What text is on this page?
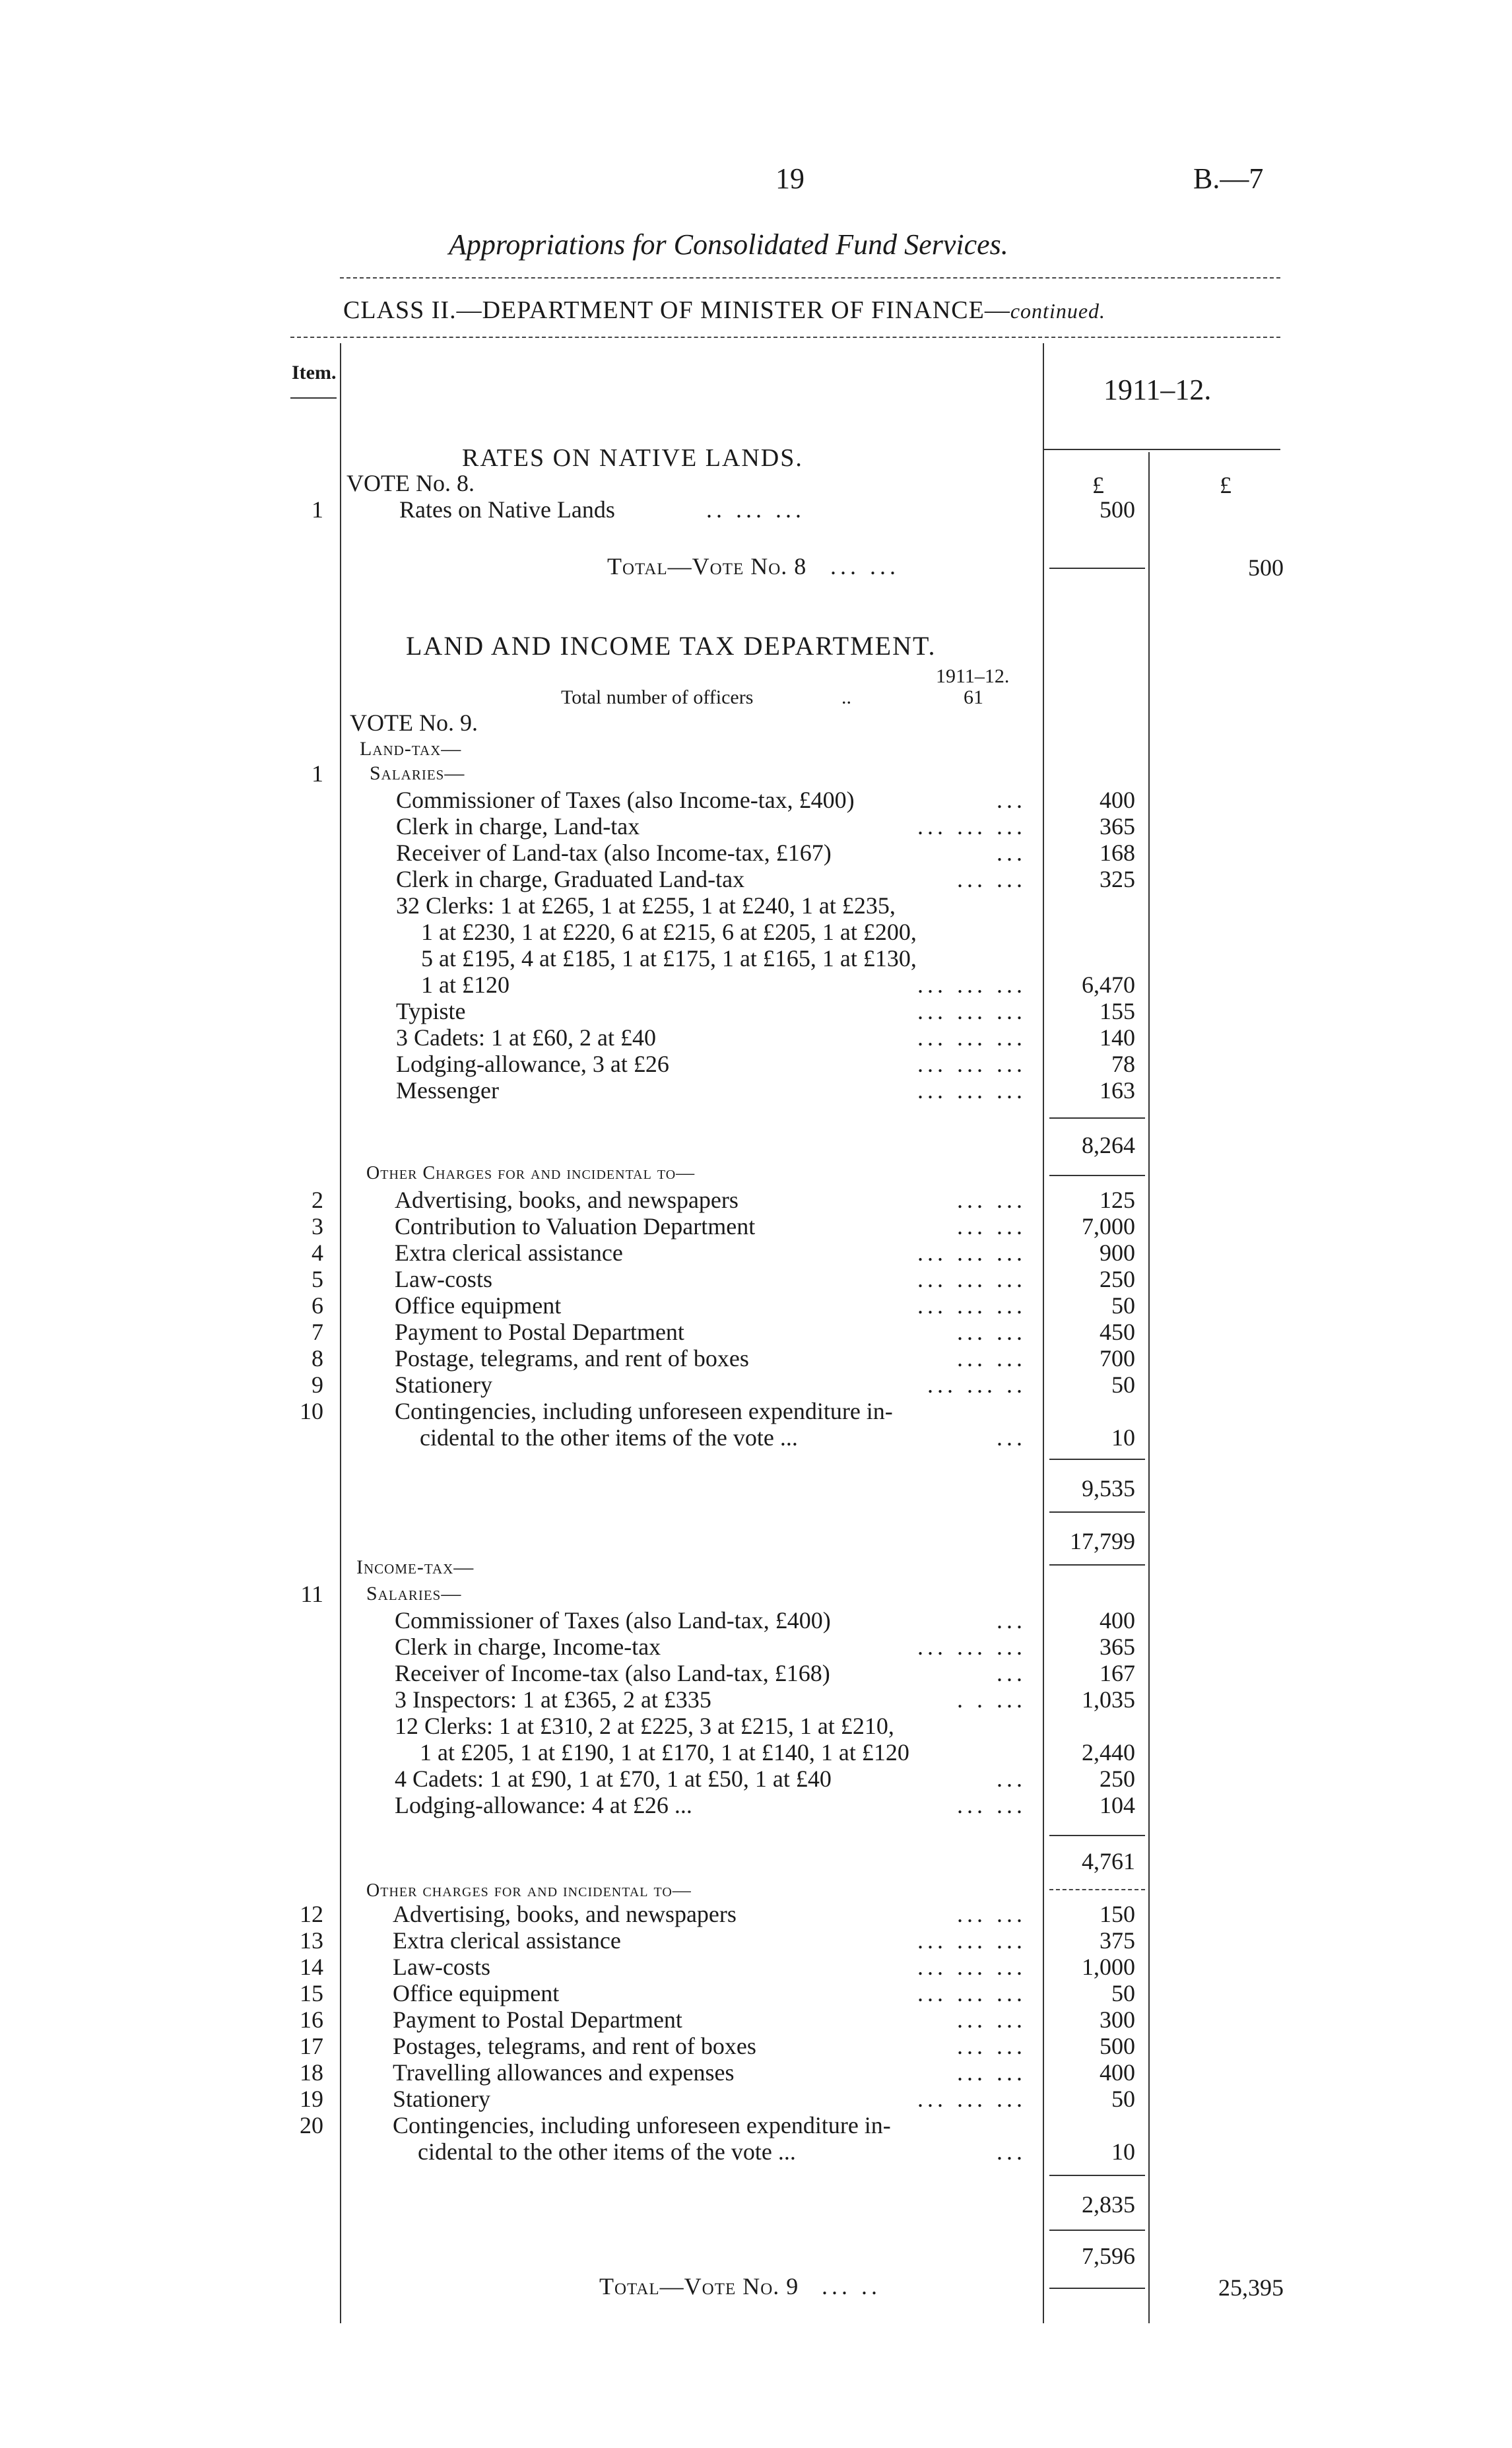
19	B.—7
Appropriations for Consolidated Fund Services.
CLASS II.—DEPARTMENT OF MINISTER OF FINANCE—continued.
Item.
1911–12.
£	£
RATES ON NATIVE LANDS.
VOTE No. 8.
1	Rates on Native Lands	.. ... ...	500
Total—Vote No. 8 ... ...	500
LAND AND INCOME TAX DEPARTMENT.
1911–12.
Total number of officers	..	61
VOTE No. 9.
Land-tax—
1 Salaries—
Commissioner of Taxes (also Income-tax, £400)	...	400
Clerk in charge, Land-tax	... ... ...	365
Receiver of Land-tax (also Income-tax, £167)	...	168
Clerk in charge, Graduated Land-tax	... ...	325
32 Clerks: 1 at £265, 1 at £255, 1 at £240, 1 at £235,
1 at £230, 1 at £220, 6 at £215, 6 at £205, 1 at £200,
5 at £195, 4 at £185, 1 at £175, 1 at £165, 1 at £130,
1 at £120	... ... ...	6,470
Typiste	... ... ...	155
3 Cadets: 1 at £60, 2 at £40	... ... ...	140
Lodging-allowance, 3 at £26	... ... ...	78
Messenger	... ... ...	163
8,264
Other Charges for and incidental to—
2	Advertising, books, and newspapers	... ...	125
3	Contribution to Valuation Department	... ...	7,000
4	Extra clerical assistance	... ... ...	900
5	Law-costs	... ... ...	250
6	Office equipment	... ... ...	50
7	Payment to Postal Department	... ...	450
8	Postage, telegrams, and rent of boxes	... ...	700
9	Stationery	... ... ..	50
10	Contingencies, including unforeseen expenditure in-
cidental to the other items of the vote ...	...	10
9,535
17,799
Income-tax—
11 Salaries—
Commissioner of Taxes (also Land-tax, £400)	...	400
Clerk in charge, Income-tax	... ... ...	365
Receiver of Income-tax (also Land-tax, £168)	...	167
3 Inspectors: 1 at £365, 2 at £335	. . ...	1,035
12 Clerks: 1 at £310, 2 at £225, 3 at £215, 1 at £210,
1 at £205, 1 at £190, 1 at £170, 1 at £140, 1 at £120	2,440
4 Cadets: 1 at £90, 1 at £70, 1 at £50, 1 at £40	...	250
Lodging-allowance: 4 at £26 ...	... ...	104
4,761
Other charges for and incidental to—
12	Advertising, books, and newspapers	... ...	150
13	Extra clerical assistance	... ... ...	375
14	Law-costs	... ... ...	1,000
15	Office equipment	... ... ...	50
16	Payment to Postal Department	... ...	300
17	Postages, telegrams, and rent of boxes	... ...	500
18	Travelling allowances and expenses	... ...	400
19	Stationery	... ... ...	50
20	Contingencies, including unforeseen expenditure in-
cidental to the other items of the vote ...	...	10
2,835
7,596
Total—Vote No. 9 ... ..	25,395
